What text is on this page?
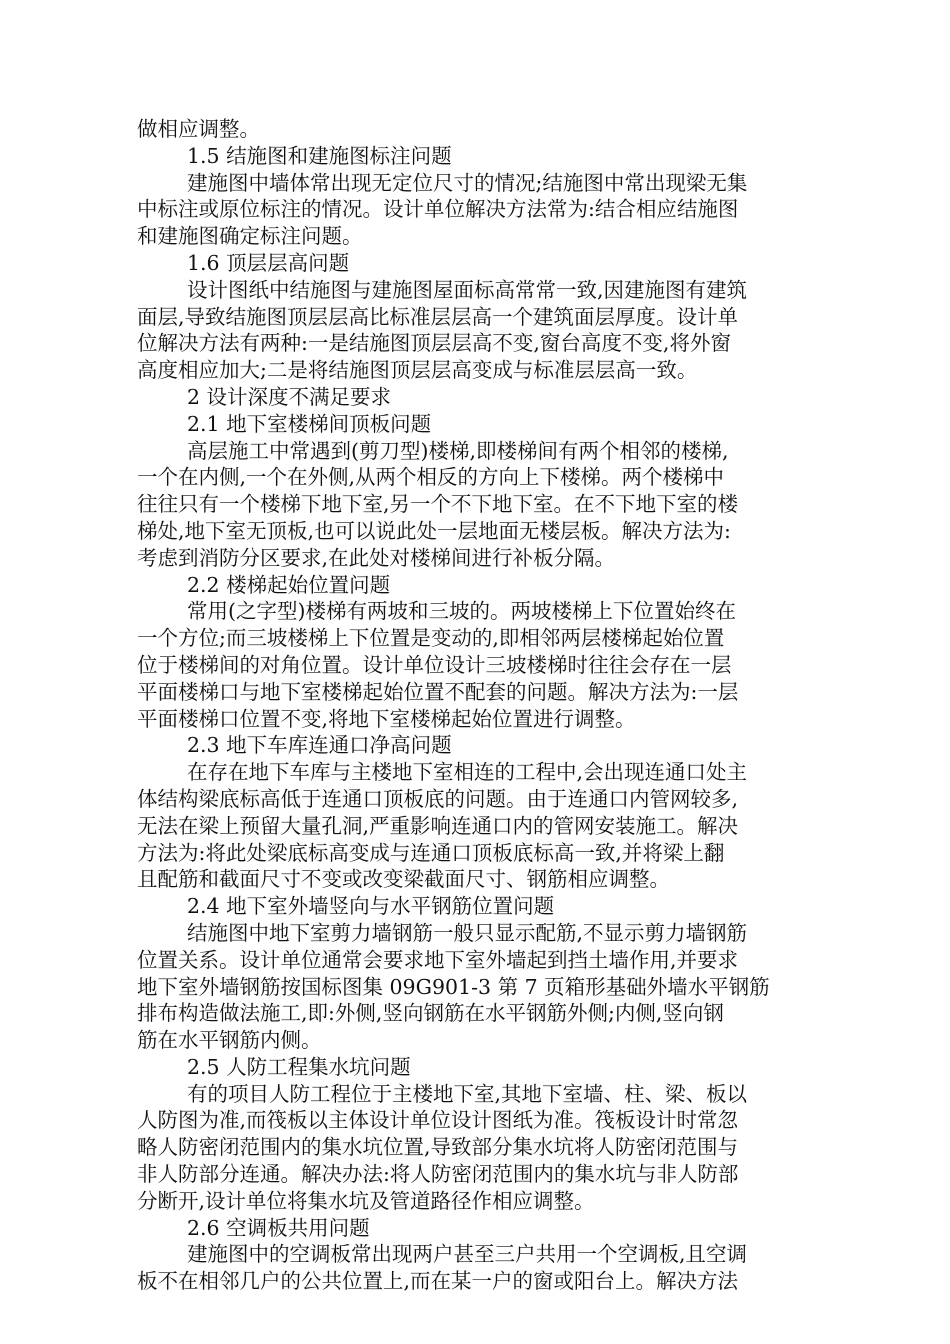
做相应调整。
1.5 结施图和建施图标注问题
建施图中墙体常出现无定位尺寸的情况;结施图中常出现梁无集
中标注或原位标注的情况。设计单位解决方法常为:结合相应结施图
和建施图确定标注问题。
1.6 顶层层高问题
设计图纸中结施图与建施图屋面标高常常一致,因建施图有建筑
面层,导致结施图顶层层高比标准层层高一个建筑面层厚度。设计单
位解决方法有两种:一是结施图顶层层高不变,窗台高度不变,将外窗
高度相应加大;二是将结施图顶层层高变成与标准层层高一致。
2 设计深度不满足要求
2.1 地下室楼梯间顶板问题
高层施工中常遇到(剪刀型)楼梯,即楼梯间有两个相邻的楼梯,
一个在内侧,一个在外侧,从两个相反的方向上下楼梯。两个楼梯中
往往只有一个楼梯下地下室,另一个不下地下室。在不下地下室的楼
梯处,地下室无顶板,也可以说此处一层地面无楼层板。解决方法为:
考虑到消防分区要求,在此处对楼梯间进行补板分隔。
2.2 楼梯起始位置问题
常用(之字型)楼梯有两坡和三坡的。两坡楼梯上下位置始终在
一个方位;而三坡楼梯上下位置是变动的,即相邻两层楼梯起始位置
位于楼梯间的对角位置。设计单位设计三坡楼梯时往往会存在一层
平面楼梯口与地下室楼梯起始位置不配套的问题。解决方法为:一层
平面楼梯口位置不变,将地下室楼梯起始位置进行调整。
2.3 地下车库连通口净高问题
在存在地下车库与主楼地下室相连的工程中,会出现连通口处主
体结构梁底标高低于连通口顶板底的问题。由于连通口内管网较多,
无法在梁上预留大量孔洞,严重影响连通口内的管网安装施工。解决
方法为:将此处梁底标高变成与连通口顶板底标高一致,并将梁上翻
且配筋和截面尺寸不变或改变梁截面尺寸、钢筋相应调整。
2.4 地下室外墙竖向与水平钢筋位置问题
结施图中地下室剪力墙钢筋一般只显示配筋,不显示剪力墙钢筋
位置关系。设计单位通常会要求地下室外墙起到挡土墙作用,并要求
地下室外墙钢筋按国标图集 09G901-3 第 7 页箱形基础外墙水平钢筋
排布构造做法施工,即:外侧,竖向钢筋在水平钢筋外侧;内侧,竖向钢
筋在水平钢筋内侧。
2.5 人防工程集水坑问题
有的项目人防工程位于主楼地下室,其地下室墙、柱、梁、板以
人防图为准,而筏板以主体设计单位设计图纸为准。筏板设计时常忽
略人防密闭范围内的集水坑位置,导致部分集水坑将人防密闭范围与
非人防部分连通。解决办法:将人防密闭范围内的集水坑与非人防部
分断开,设计单位将集水坑及管道路径作相应调整。
2.6 空调板共用问题
建施图中的空调板常出现两户甚至三户共用一个空调板,且空调
板不在相邻几户的公共位置上,而在某一户的窗或阳台上。解决方法
